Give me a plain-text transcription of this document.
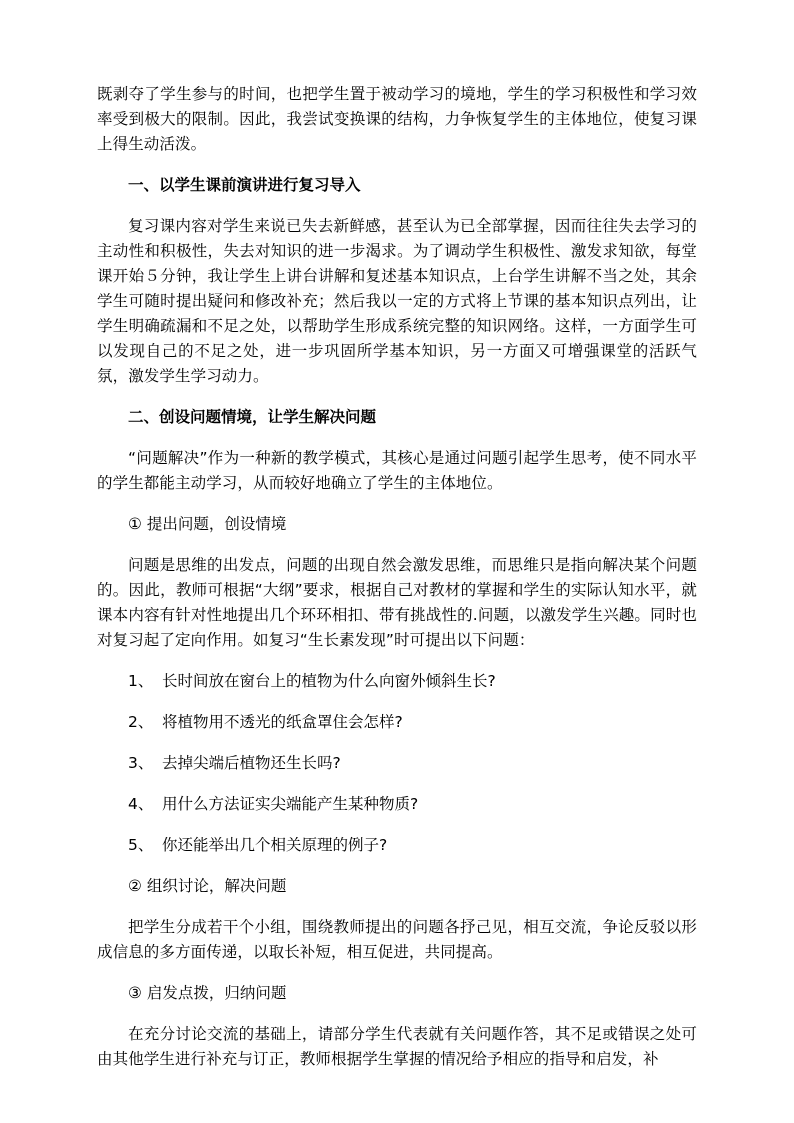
既剥夺了学生参与的时间，也把学生置于被动学习的境地，学生的学习积极性和学习效率受到极大的限制。因此，我尝试变换课的结构，力争恢复学生的主体地位，使复习课上得生动活泼。

一、以学生课前演讲进行复习导入

复习课内容对学生来说已失去新鲜感，甚至认为已全部掌握，因而往往失去学习的主动性和积极性，失去对知识的进一步渴求。为了调动学生积极性、激发求知欲，每堂课开始５分钟，我让学生上讲台讲解和复述基本知识点，上台学生讲解不当之处，其余学生可随时提出疑问和修改补充；然后我以一定的方式将上节课的基本知识点列出，让学生明确疏漏和不足之处，以帮助学生形成系统完整的知识网络。这样，一方面学生可以发现自己的不足之处，进一步巩固所学基本知识，另一方面又可增强课堂的活跃气氛，激发学生学习动力。

二、创设问题情境，让学生解决问题

“问题解决”作为一种新的教学模式，其核心是通过问题引起学生思考，使不同水平的学生都能主动学习，从而较好地确立了学生的主体地位。

① 提出问题，创设情境

问题是思维的出发点，问题的出现自然会激发思维，而思维只是指向解决某个问题的。因此，教师可根据“大纲”要求，根据自己对教材的掌握和学生的实际认知水平，就课本内容有针对性地提出几个环环相扣、带有挑战性的.问题，以激发学生兴趣。同时也对复习起了定向作用。如复习“生长素发现”时可提出以下问题：

1、 长时间放在窗台上的植物为什么向窗外倾斜生长?
2、 将植物用不透光的纸盒罩住会怎样?
3、 去掉尖端后植物还生长吗?
4、 用什么方法证实尖端能产生某种物质?
5、 你还能举出几个相关原理的例子?

② 组织讨论，解决问题

把学生分成若干个小组，围绕教师提出的问题各抒己见，相互交流，争论反驳以形成信息的多方面传递，以取长补短，相互促进，共同提高。

③ 启发点拨，归纳问题

在充分讨论交流的基础上，请部分学生代表就有关问题作答，其不足或错误之处可由其他学生进行补充与订正，教师根据学生掌握的情况给予相应的指导和启发，补
